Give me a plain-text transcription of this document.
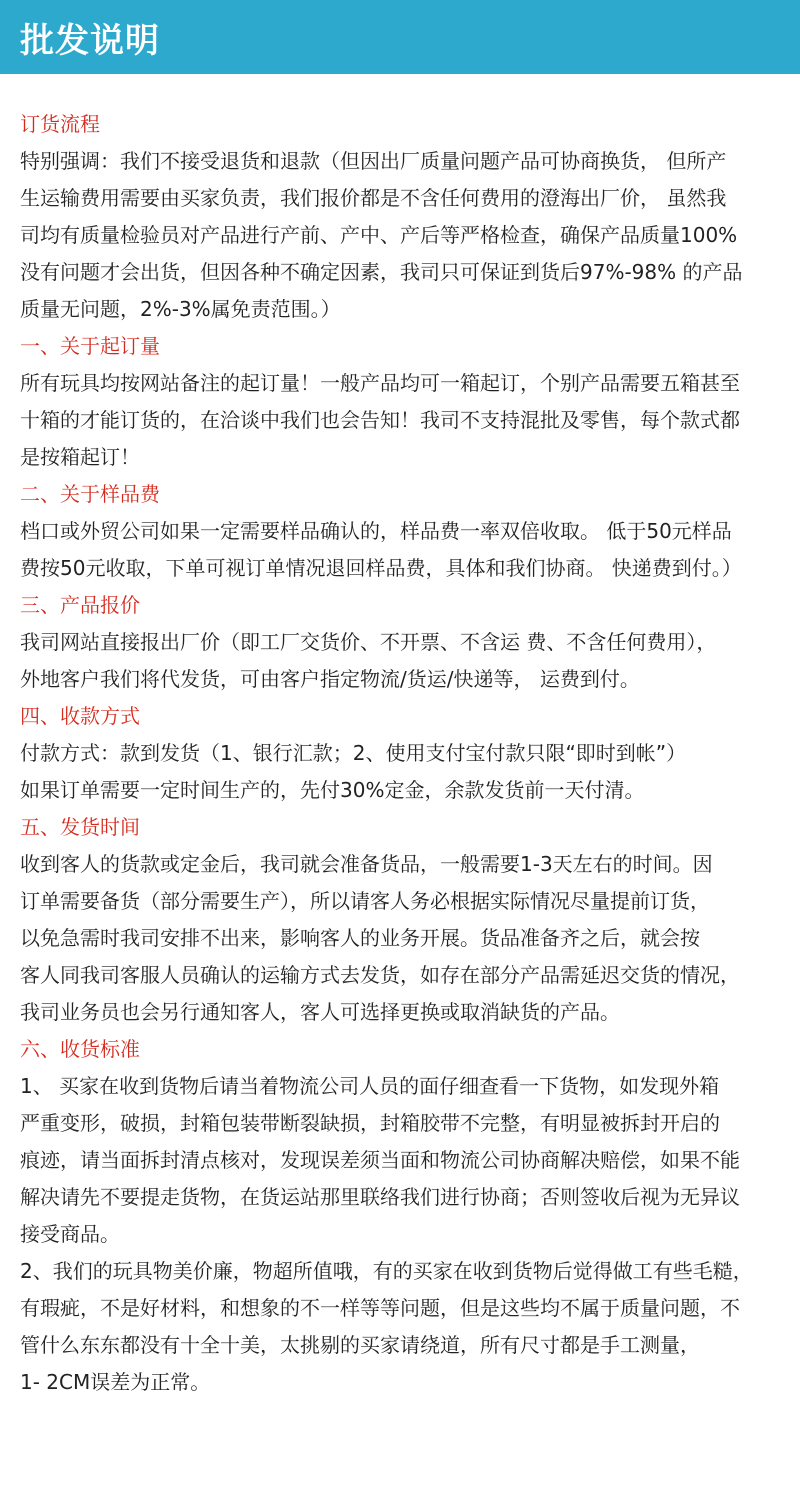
批发说明
订货流程
特别强调：我们不接受退货和退款（但因出厂质量问题产品可协商换货， 但所产
生运输费用需要由买家负责，我们报价都是不含任何费用的澄海出厂价， 虽然我
司均有质量检验员对产品进行产前、产中、产后等严格检查，确保产品质量100%
没有问题才会出货，但因各种不确定因素，我司只可保证到货后97%-98% 的产品
质量无问题，2%-3%属免责范围。）
一、关于起订量
所有玩具均按网站备注的起订量！一般产品均可一箱起订，个别产品需要五箱甚至
十箱的才能订货的，在洽谈中我们也会告知！我司不支持混批及零售，每个款式都
是按箱起订！
二、关于样品费
档口或外贸公司如果一定需要样品确认的，样品费一率双倍收取。 低于50元样品
费按50元收取，下单可视订单情况退回样品费，具体和我们协商。 快递费到付。）
三、产品报价
我司网站直接报出厂价（即工厂交货价、不开票、不含运 费、不含任何费用），
外地客户我们将代发货，可由客户指定物流/货运/快递等， 运费到付。
四、收款方式
付款方式：款到发货（1、银行汇款；2、使用支付宝付款只限“即时到帐”）
如果订单需要一定时间生产的，先付30%定金，余款发货前一天付清。
五、发货时间
收到客人的货款或定金后，我司就会准备货品，一般需要1-3天左右的时间。因
订单需要备货（部分需要生产），所以请客人务必根据实际情况尽量提前订货，
以免急需时我司安排不出来，影响客人的业务开展。货品准备齐之后，就会按
客人同我司客服人员确认的运输方式去发货，如存在部分产品需延迟交货的情况，
我司业务员也会另行通知客人，客人可选择更换或取消缺货的产品。
六、收货标准
1、 买家在收到货物后请当着物流公司人员的面仔细查看一下货物，如发现外箱
严重变形，破损，封箱包装带断裂缺损，封箱胶带不完整，有明显被拆封开启的
痕迹，请当面拆封清点核对，发现误差须当面和物流公司协商解决赔偿，如果不能
解决请先不要提走货物，在货运站那里联络我们进行协商；否则签收后视为无异议
接受商品。
2、我们的玩具物美价廉，物超所值哦，有的买家在收到货物后觉得做工有些毛糙，
有瑕疵，不是好材料，和想象的不一样等等问题，但是这些均不属于质量问题，不
管什么东东都没有十全十美，太挑剔的买家请绕道，所有尺寸都是手工测量，
1- 2CM误差为正常。
